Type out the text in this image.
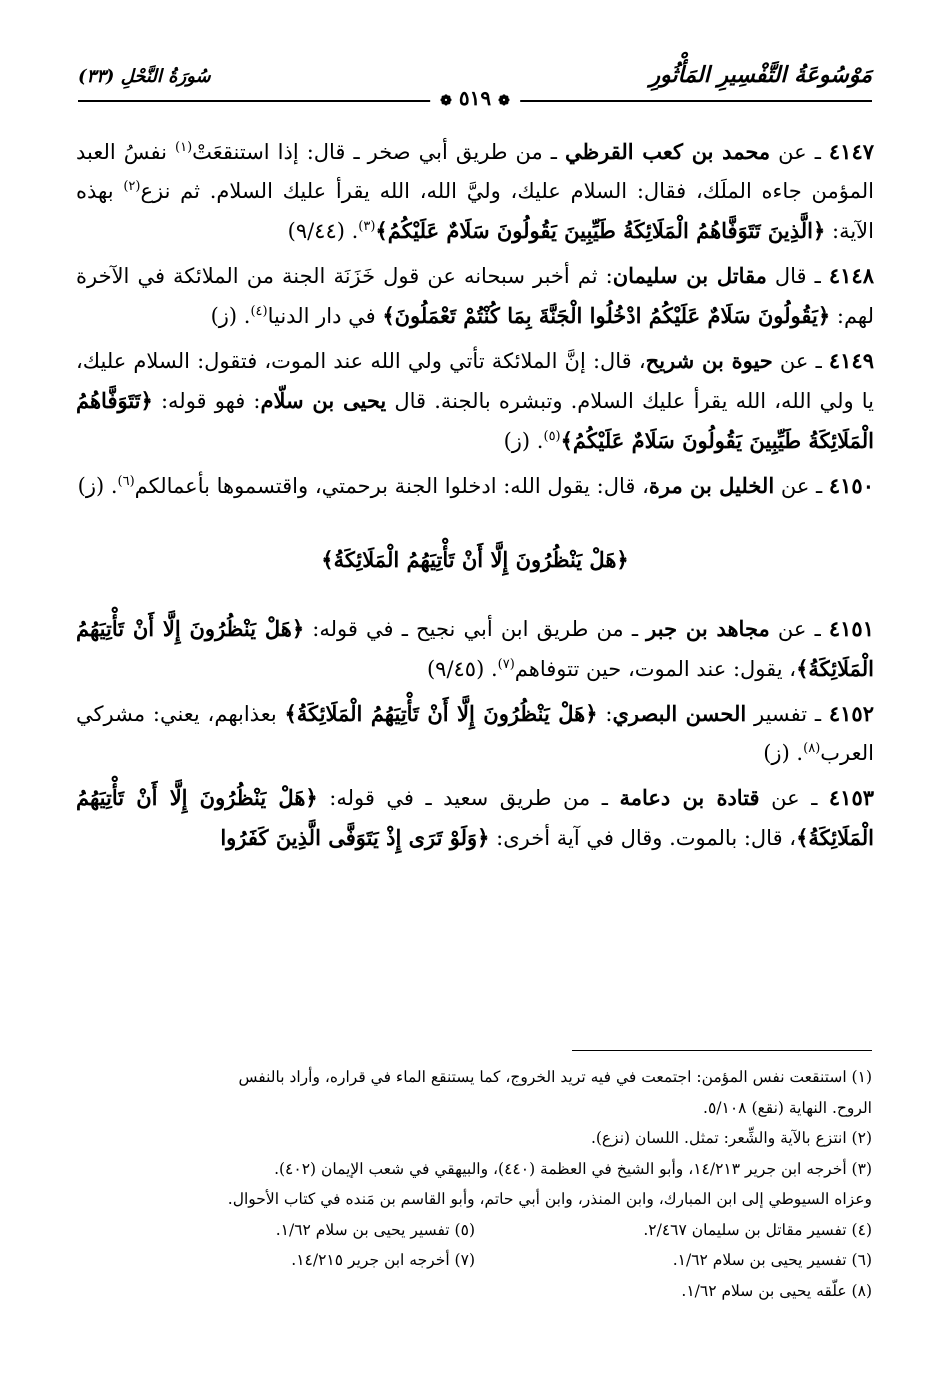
مَوْسُوعَةُ التَّفْسِيرِ المَأْثُورِ
سُورَةُ النَّحْلِ (٣٣)
❁ ٥١٩ ❁

٤١٤٧ ـ عن محمد بن كعب القرظي ـ من طريق أبي صخر ـ قال: إذا استنقعَتْ$^{(١)}$ نفسُ العبد المؤمن جاءه الملَك، فقال: السلام عليك، وليَّ الله، الله يقرأ عليك السلام. ثم نزع$^{(٢)}$ بهذه الآية: ﴿الَّذِينَ تَتَوَفَّاهُمُ الْمَلَائِكَةُ طَيِّبِينَ يَقُولُونَ سَلَامٌ عَلَيْكُمُ﴾$^{(٣)}$. (٩/٤٤)

٤١٤٨ ـ قال مقاتل بن سليمان: ثم أخبر سبحانه عن قول خَزَنَة الجنة من الملائكة في الآخرة لهم: ﴿يَقُولُونَ سَلَامٌ عَلَيْكُمُ ادْخُلُوا الْجَنَّةَ بِمَا كُنْتُمْ تَعْمَلُونَ﴾ في دار الدنيا$^{(٤)}$. (ز)

٤١٤٩ ـ عن حيوة بن شريح، قال: إنَّ الملائكة تأتي ولي الله عند الموت، فتقول: السلام عليك، يا ولي الله، الله يقرأ عليك السلام. وتبشره بالجنة. قال يحيى بن سلّام: فهو قوله: ﴿تَتَوَفَّاهُمُ الْمَلَائِكَةُ طَيِّبِينَ يَقُولُونَ سَلَامٌ عَلَيْكُمُ﴾$^{(٥)}$. (ز)

٤١٥٠ ـ عن الخليل بن مرة، قال: يقول الله: ادخلوا الجنة برحمتي، واقتسموها بأعمالكم$^{(٦)}$. (ز)

﴿هَلْ يَنْظُرُونَ إِلَّا أَنْ تَأْتِيَهُمُ الْمَلَائِكَةُ﴾

٤١٥١ ـ عن مجاهد بن جبر ـ من طريق ابن أبي نجيح ـ في قوله: ﴿هَلْ يَنْظُرُونَ إِلَّا أَنْ تَأْتِيَهُمُ الْمَلَائِكَةُ﴾، يقول: عند الموت، حين تتوفاهم$^{(٧)}$. (٩/٤٥)

٤١٥٢ ـ تفسير الحسن البصري: ﴿هَلْ يَنْظُرُونَ إِلَّا أَنْ تَأْتِيَهُمُ الْمَلَائِكَةُ﴾ بعذابهم، يعني: مشركي العرب$^{(٨)}$. (ز)

٤١٥٣ ـ عن قتادة بن دعامة ـ من طريق سعيد ـ في قوله: ﴿هَلْ يَنْظُرُونَ إِلَّا أَنْ تَأْتِيَهُمُ الْمَلَائِكَةُ﴾، قال: بالموت. وقال في آية أخرى: ﴿وَلَوْ تَرَى إِذْ يَتَوَفَّى الَّذِينَ كَفَرُوا

(١) استنقعت نفس المؤمن: اجتمعت في فيه تريد الخروج، كما يستنقع الماء في قراره، وأراد بالنفس

الروح. النهاية (نقع) ٥/١٠٨.

(٢) انتزع بالآية والشِّعر: تمثل. اللسان (نزع).

(٣) أخرجه ابن جرير ١٤/٢١٣، وأبو الشيخ في العظمة (٤٤٠)، والبيهقي في شعب الإيمان (٤٠٢).

وعزاه السيوطي إلى ابن المبارك، وابن المنذر، وابن أبي حاتم، وأبو القاسم بن مَنده في كتاب الأحوال.

(٤) تفسير مقاتل بن سليمان ٢/٤٦٧.
(٥) تفسير يحيى بن سلام ١/٦٢.
(٦) تفسير يحيى بن سلام ١/٦٢.
(٧) أخرجه ابن جرير ١٤/٢١٥.

(٨) علّقه يحيى بن سلام ١/٦٢.
